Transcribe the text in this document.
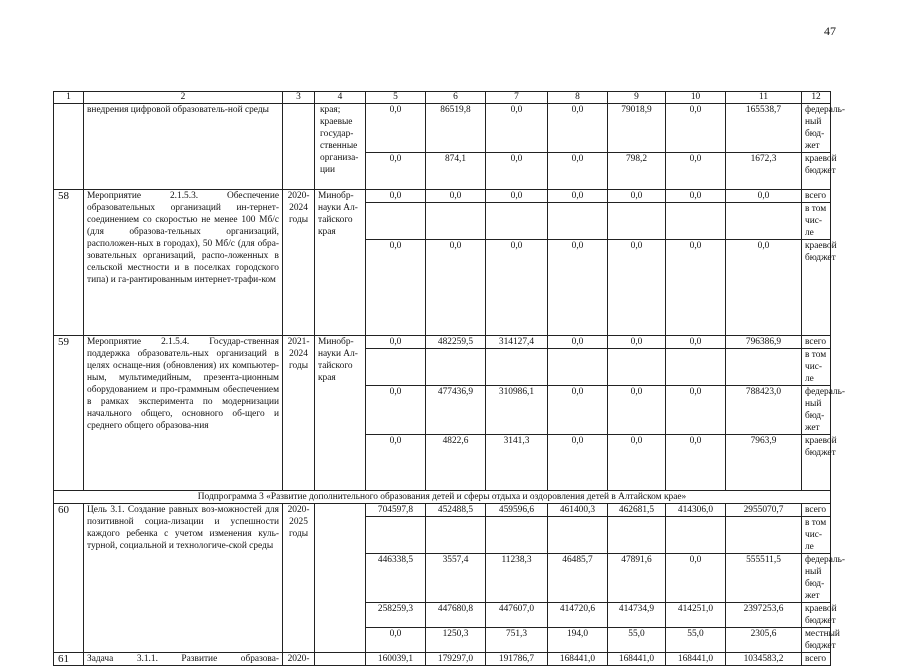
47
1	2	3	4	5	6	7	8	9	10	11	12
	внедрения цифровой образователь-ной среды		края; краевые государ-ственные организа-ции	0,0	86519,8	0,0	0,0	79018,9	0,0	165538,7	федераль-ный бюд-жет
				0,0	874,1	0,0	0,0	798,2	0,0	1672,3	краевой бюджет
58	Мероприятие 2.1.5.3. Обеспечение образовательных организаций ин-тернет-соединением со скоростью не менее 100 Мб/с (для образова-тельных организаций, расположен-ных в городах), 50 Мб/с (для обра-зовательных организаций, распо-ложенных в сельской местности и в поселках городского типа) и га-рантированным интернет-трафи-ком	2020-2024 годы	Минобр-науки Ал-тайского края	0,0	0,0	0,0	0,0	0,0	0,0	0,0	всего
											в том чис-ле
				0,0	0,0	0,0	0,0	0,0	0,0	0,0	краевой бюджет
59	Мероприятие 2.1.5.4. Государ-ственная поддержка образователь-ных организаций в целях оснаще-ния (обновления) их компьютер-ным, мультимедийным, презента-ционным оборудованием и про-граммным обеспечением в рамках эксперимента по модернизации начального общего, основного об-щего и среднего общего образова-ния	2021-2024 годы	Минобр-науки Ал-тайского края	0,0	482259,5	314127,4	0,0	0,0	0,0	796386,9	всего
											в том чис-ле
				0,0	477436,9	310986,1	0,0	0,0	0,0	788423,0	федераль-ный бюд-жет
				0,0	4822,6	3141,3	0,0	0,0	0,0	7963,9	краевой бюджет
Подпрограмма 3 «Развитие дополнительного образования детей и сферы отдыха и оздоровления детей в Алтайском крае»											
60	Цель 3.1. Создание равных воз-можностей для позитивной социа-лизации и успешности каждого ребенка с учетом изменения куль-турной, социальной и технологиче-ской среды	2020-2025 годы		704597,8	452488,5	459596,6	461400,3	462681,5	414306,0	2955070,7	всего
											в том чис-ле
				446338,5	3557,4	11238,3	46485,7	47891,6	0,0	555511,5	федераль-ный бюд-жет
				258259,3	447680,8	447607,0	414720,6	414734,9	414251,0	2397253,6	краевой бюджет
				0,0	1250,3	751,3	194,0	55,0	55,0	2305,6	местный бюджет
61	Задача 3.1.1. Развитие образова-	2020-		160039,1	179297,0	191786,7	168441,0	168441,0	168441,0	1034583,2	всего
